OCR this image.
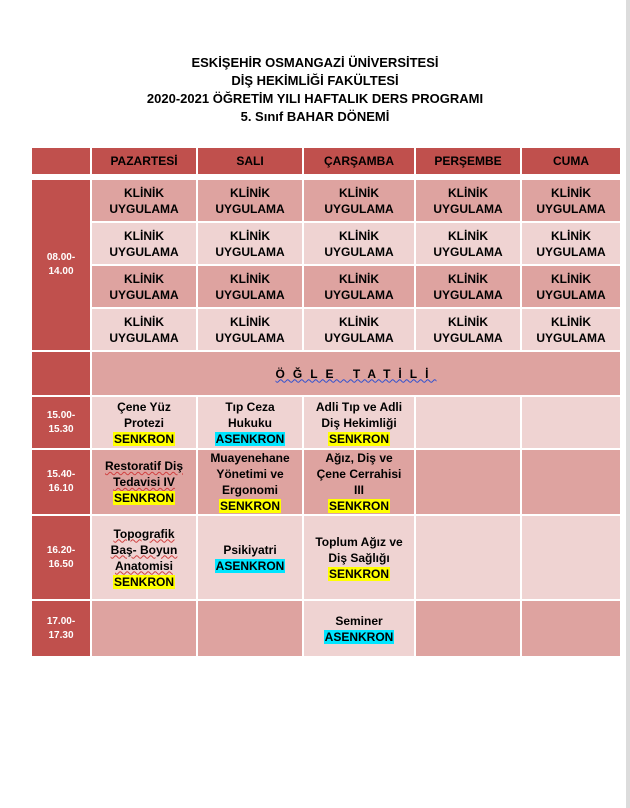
ESKİŞEHİR OSMANGAZİ ÜNİVERSİTESİ
DİŞ HEKİMLİĞİ FAKÜLTESİ
2020-2021 ÖĞRETİM YILI HAFTALIK DERS PROGRAMI
5. Sınıf BAHAR DÖNEMİ
	PAZARTESİ	SALI	ÇARŞAMBA	PERŞEMBE	CUMA

08.00-
14.00	KLİNİK
UYGULAMA	KLİNİK
UYGULAMA	KLİNİK
UYGULAMA	KLİNİK
UYGULAMA	KLİNİK
UYGULAMA
	KLİNİK
UYGULAMA	KLİNİK
UYGULAMA	KLİNİK
UYGULAMA	KLİNİK
UYGULAMA	KLİNİK
UYGULAMA
	KLİNİK
UYGULAMA	KLİNİK
UYGULAMA	KLİNİK
UYGULAMA	KLİNİK
UYGULAMA	KLİNİK
UYGULAMA
	KLİNİK
UYGULAMA	KLİNİK
UYGULAMA	KLİNİK
UYGULAMA	KLİNİK
UYGULAMA	KLİNİK
UYGULAMA
	ÖĞLE TATİLİ				
15.00-
15.30	Çene Yüz
Protezi
SENKRON	Tıp Ceza
Hukuku
ASENKRON	Adli Tıp ve Adli
Diş Hekimliği
SENKRON		
15.40-
16.10	Restoratif Diş
Tedavisi IV
SENKRON	Muayenehane
Yönetimi ve
Ergonomi
SENKRON	Ağız, Diş ve
Çene Cerrahisi
III
SENKRON		
16.20-
16.50	Topografik
Baş- Boyun
Anatomisi
SENKRON	Psikiyatri
ASENKRON	Toplum Ağız ve
Diş Sağlığı
SENKRON		
17.00-
17.30			Seminer
ASENKRON		
